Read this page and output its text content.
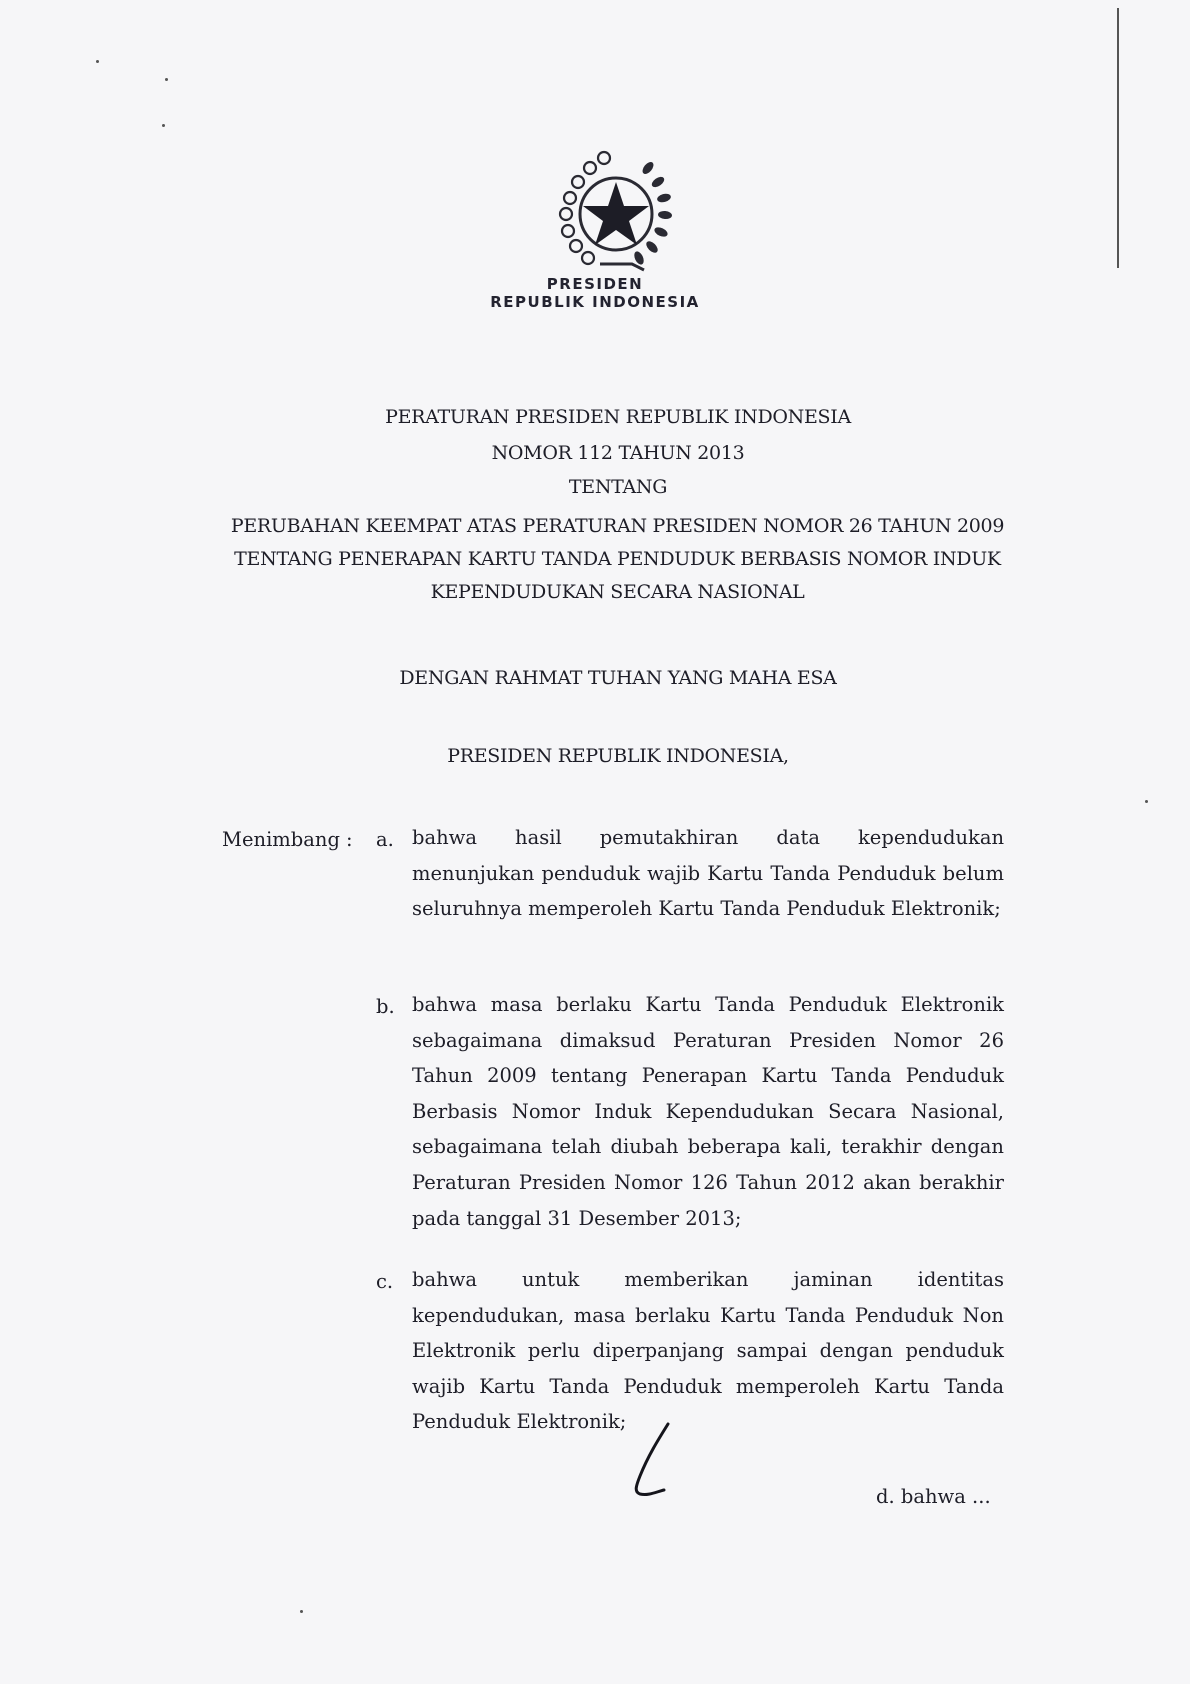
PRESIDEN
REPUBLIK INDONESIA
PERATURAN PRESIDEN REPUBLIK INDONESIA
NOMOR 112 TAHUN 2013
TENTANG
PERUBAHAN KEEMPAT ATAS PERATURAN PRESIDEN NOMOR 26 TAHUN 2009 TENTANG PENERAPAN KARTU TANDA PENDUDUK BERBASIS NOMOR INDUK KEPENDUDUKAN SECARA NASIONAL
DENGAN RAHMAT TUHAN YANG MAHA ESA
PRESIDEN REPUBLIK INDONESIA,
Menimbang : a. bahwa hasil pemutakhiran data kependudukan menunjukan penduduk wajib Kartu Tanda Penduduk belum seluruhnya memperoleh Kartu Tanda Penduduk Elektronik;
b. bahwa masa berlaku Kartu Tanda Penduduk Elektronik sebagaimana dimaksud Peraturan Presiden Nomor 26 Tahun 2009 tentang Penerapan Kartu Tanda Penduduk Berbasis Nomor Induk Kependudukan Secara Nasional, sebagaimana telah diubah beberapa kali, terakhir dengan Peraturan Presiden Nomor 126 Tahun 2012 akan berakhir pada tanggal 31 Desember 2013;
c. bahwa untuk memberikan jaminan identitas kependudukan, masa berlaku Kartu Tanda Penduduk Non Elektronik perlu diperpanjang sampai dengan penduduk wajib Kartu Tanda Penduduk memperoleh Kartu Tanda Penduduk Elektronik;
d. bahwa ...
